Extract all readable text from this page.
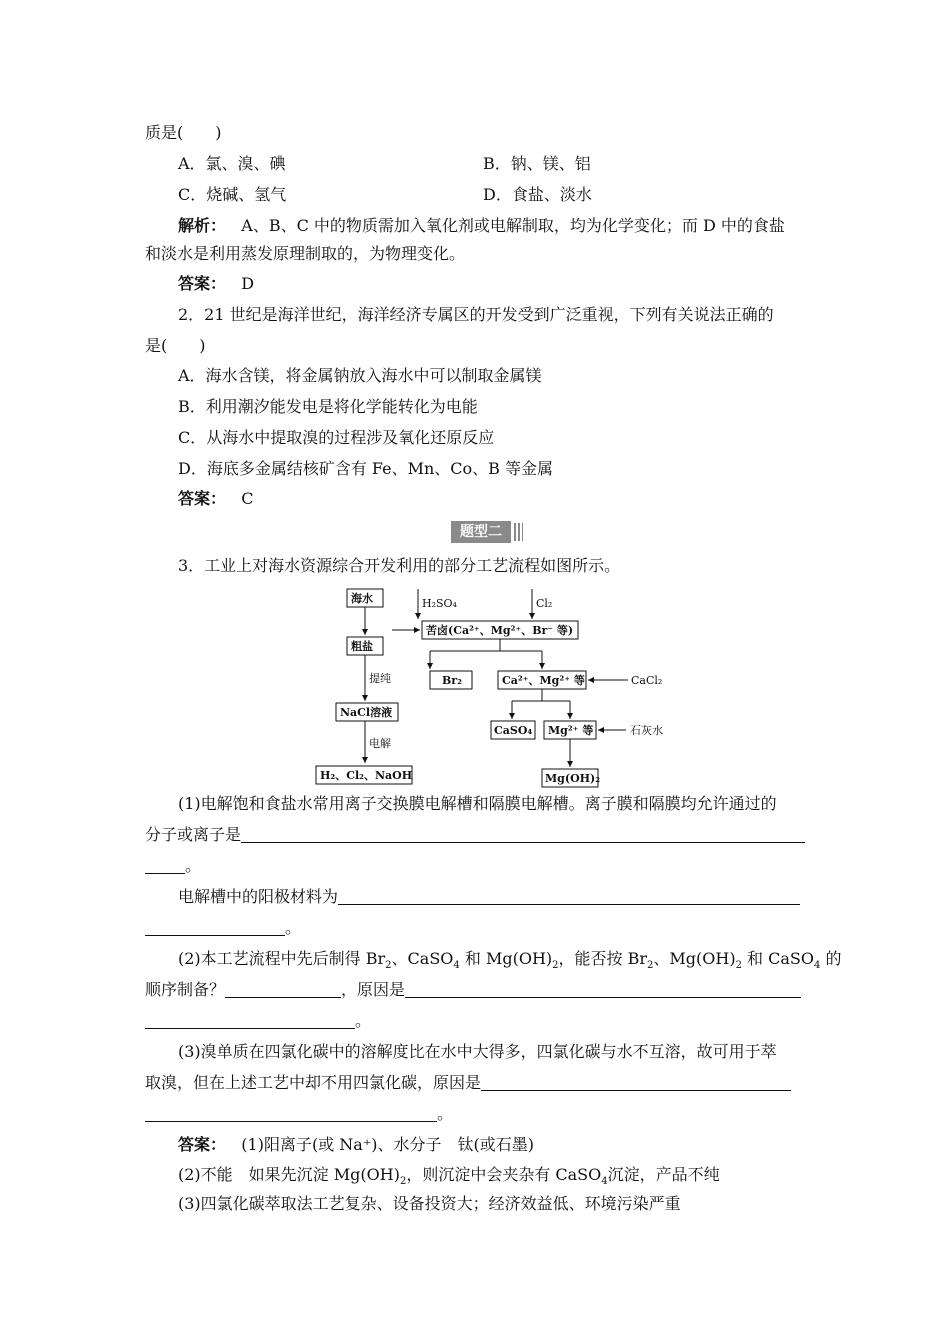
质是(　　)
A．氯、溴、碘	B．钠、镁、铝
C．烧碱、氢气	D．食盐、淡水
解析： A、B、C 中的物质需加入氧化剂或电解制取，均为化学变化；而 D 中的食盐
和淡水是利用蒸发原理制取的，为物理变化。
答案： D
2．21 世纪是海洋世纪，海洋经济专属区的开发受到广泛重视，下列有关说法正确的
是(　　)
A．海水含镁，将金属钠放入海水中可以制取金属镁
B．利用潮汐能发电是将化学能转化为电能
C．从海水中提取溴的过程涉及氧化还原反应
D．海底多金属结核矿含有 Fe、Mn、Co、B 等金属
答案： C
题型二
3．工业上对海水资源综合开发利用的部分工艺流程如图所示。
海水
粗盐
提纯
NaCl溶液
电解
H₂、Cl₂、NaOH
H₂SO₄	Cl₂
苦卤(Ca²⁺、Mg²⁺、Br⁻ 等)
Br₂	Ca²⁺、Mg²⁺ 等	CaCl₂
CaSO₄ Mg²⁺ 等	石灰水
Mg(OH)₂
(1)电解饱和食盐水常用离子交换膜电解槽和隔膜电解槽。离子膜和隔膜均允许通过的
分子或离子是
。
电解槽中的阳极材料为
。
(2)本工艺流程中先后制得 $Br_2$、CaSO$_4$ 和 $Mg(OH)_2$，能否按 $Br_2$、$Mg(OH)_2$ 和 CaSO$_4$ 的
顺序制备？	，原因是
。
(3)溴单质在四氯化碳中的溶解度比在水中大得多，四氯化碳与水不互溶，故可用于萃
取溴，但在上述工艺中却不用四氯化碳，原因是
。
答案： (1)阳离子(或 Na⁺)、水分子　钛(或石墨)
(2)不能　如果先沉淀 $Mg(OH)_2$，则沉淀中会夹杂有 CaSO$_4$沉淀，产品不纯
(3)四氯化碳萃取法工艺复杂、设备投资大；经济效益低、环境污染严重
